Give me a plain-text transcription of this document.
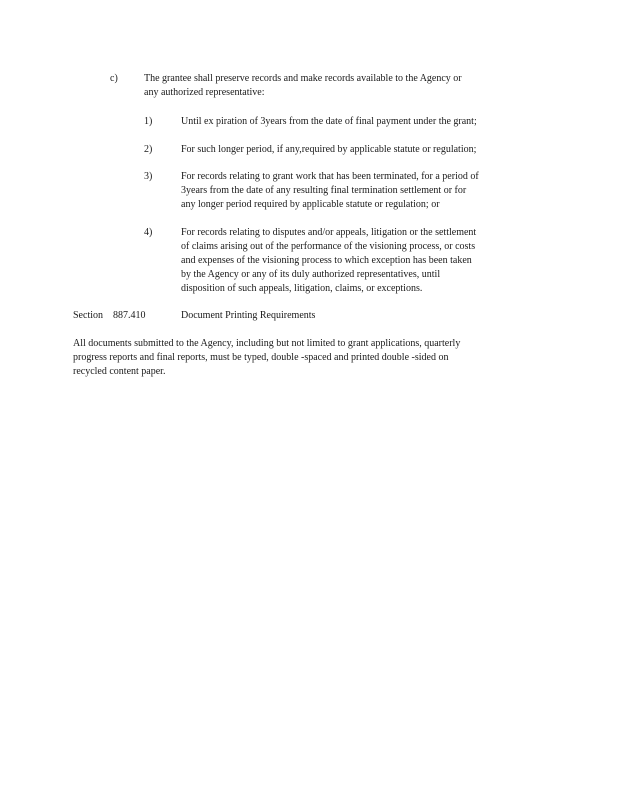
c)	The grantee shall preserve records and make records available to the Agency or

any authorized representative:

1)	Until ex piration of 3years from the date of final payment under the grant;

2)	For such longer period, if any,required by applicable statute or regulation;

3)	For records relating to grant work that has been terminated, for a period of

3years from the date of any resulting final termination settlement or for

any longer period required by applicable statute or regulation; or

4)	For records relating to disputes and/or appeals, litigation or the settlement

of claims arising out of the performance of the visioning process, or costs

and expenses of the visioning process to which exception has been taken

by the Agency or any of its duly authorized representatives, until

disposition of such appeals, litigation, claims, or exceptions.

Section 887.410	Document Printing Requirements

All documents submitted to the Agency, including but not limited to grant applications, quarterly

progress reports and final reports, must be typed, double -spaced and printed double -sided on

recycled content paper.
